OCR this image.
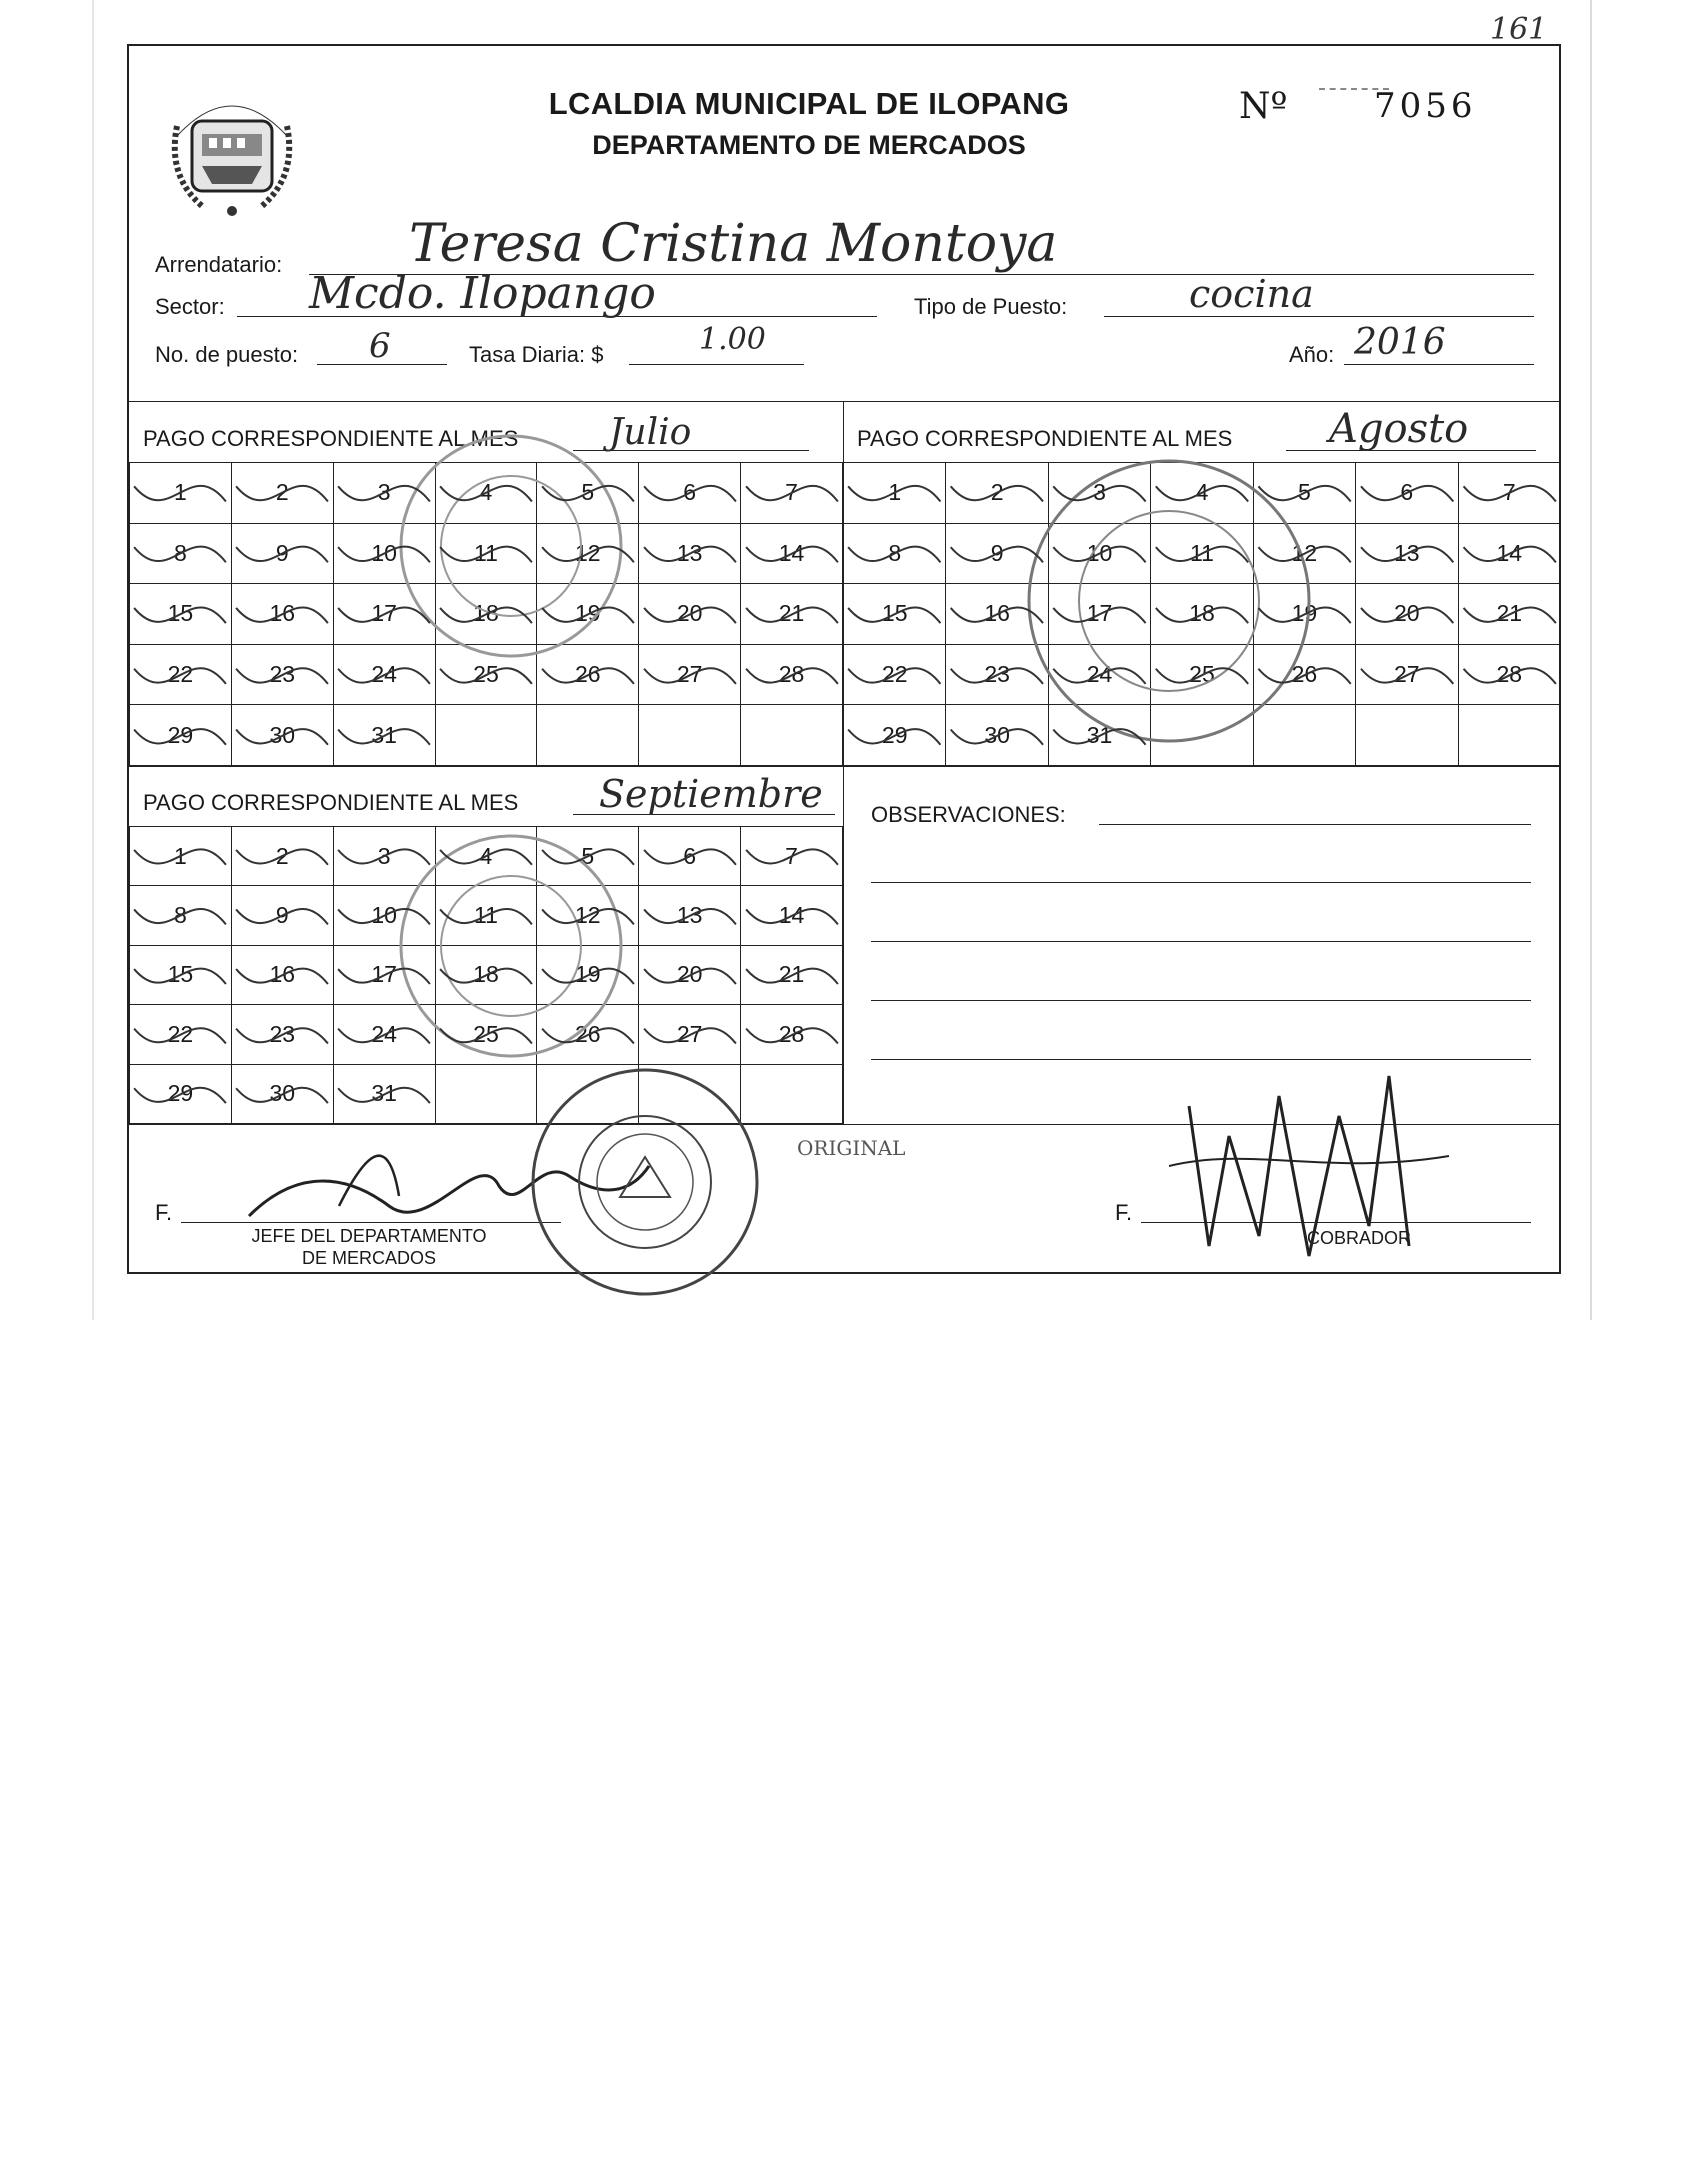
161
LCALDIA MUNICIPAL DE ILOPANG
DEPARTAMENTO DE MERCADOS
Nº	7056
Arrendatario: Teresa Cristina Montoya
Sector: Mcdo. Ilopango	Tipo de Puesto:	cocina
No. de puesto: 6	Tasa Diaria: $	1.00	Año: 2016
PAGO CORRESPONDIENTE AL MES	Julio
1	2	3	4	5	6	7
8	9	10	11	12	13	14
15	16	17	18	19	20	21
22	23	24	25	26	27	28
29	30	31				
PAGO CORRESPONDIENTE AL MES Agosto
1	2	3	4	5	6	7
8	9	10	11	12	13	14
15	16	17	18	19	20	21
22	23	24	25	26	27	28
29	30	31				
PAGO CORRESPONDIENTE AL MES Septiembre
1	2	3	4	5	6	7
8	9	10	11	12	13	14
15	16	17	18	19	20	21
22	23	24	25	26	27	28
29	30	31				
OBSERVACIONES:
ORIGINAL
F.
JEFE DEL DEPARTAMENTO
DE MERCADOS
F.
COBRADOR
